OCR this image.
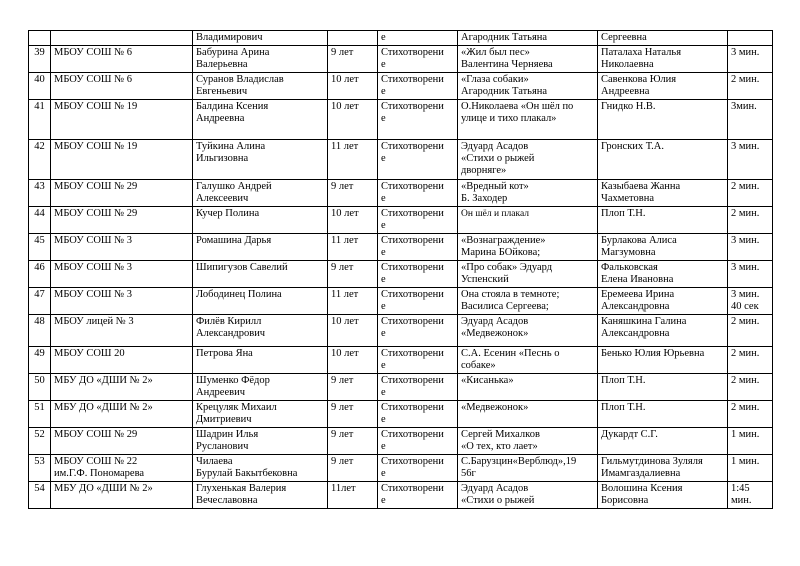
		Владимирович		е	Агародник Татьяна	Сергеевна	

39	МБОУ СОШ № 6	Бабурина Арина
Валерьевна	9 лет	Стихотворени
е	«Жил был пес»
Валентина Черняева	Паталаха Наталья
Николаевна	3 мин.

40	МБОУ СОШ № 6	Суранов Владислав
Евгеньевич	10 лет	Стихотворени
е	«Глаза собаки»
Агародник Татьяна	Савенкова Юлия
Андреевна	2 мин.

41	МБОУ СОШ № 19	Балдина Ксения
Андреевна	10 лет	Стихотворени
е	О.Николаева «Он шёл по
улице и тихо плакал»	Гнидко Н.В.	3мин.

42	МБОУ СОШ № 19	Туйкина Алина
Ильгизовна	11 лет	Стихотворени
е	Эдуард Асадов
«Стихи о рыжей
дворняге»	Гронских Т.А.	3 мин.

43	МБОУ СОШ № 29	Галушко Андрей
Алексеевич	9 лет	Стихотворени
е	«Вредный кот»
Б. Заходер	Казыбаева Жанна
Чахметовна	2 мин.

44	МБОУ СОШ № 29	Кучер Полина	10 лет	Стихотворени
е	Он шёл и плакал	Плоп Т.Н.	2 мин.

45	МБОУ СОШ № 3	Ромашина Дарья	11 лет	Стихотворени
е	«Вознаграждение»
Марина БОйкова;	Бурлакова Алиса
Магзумовна	3 мин.

46	МБОУ СОШ № 3	Шипигузов Савелий	9 лет	Стихотворени
е	«Про собак» Эдуард
Успенский	Фальковская
Елена Ивановна	3 мин.

47	МБОУ СОШ № 3	Лободинец Полина	11 лет	Стихотворени
е	Она стояла в темноте;
Василиса Сергеева;	Еремеева Ирина
Александровна	3 мин.
40 сек

48	МБОУ лицей № 3	Филёв Кирилл
Александрович	10 лет	Стихотворени
е	Эдуард Асадов
«Медвежонок»	Каняшкина Галина
Александровна	2 мин.

49	МБОУ СОШ 20	Петрова Яна	10 лет	Стихотворени
е	С.А. Есенин «Песнь о
собаке»	Бенько Юлия Юрьевна	2 мин.

50	МБУ ДО «ДШИ № 2»	Шуменко Фёдор
Андреевич	9 лет	Стихотворени
е	«Кисанька»	Плоп Т.Н.	2 мин.

51	МБУ ДО «ДШИ № 2»	Крецуляк Михаил
Дмитриевич	9 лет	Стихотворени
е	«Медвежонок»	Плоп Т.Н.	2 мин.

52	МБОУ СОШ № 29	Шадрин Илья
Русланович	9 лет	Стихотворени
е	Сергей Михалков
«О тех, кто лает»	Дукардт С.Г.	1 мин.

53	МБОУ СОШ № 22
им.Г.Ф. Пономарева	Чилаева
Бурулай Бакытбековна	9 лет	Стихотворени
е	С.Барузцин«Верблюд»,19
56г	Гильмутдинова Зуляля
Имамгаздалиевна	1 мин.

54	МБУ ДО «ДШИ № 2»	Глухенькая Валерия
Вечеславовна	11лет	Стихотворени
е	Эдуард Асадов
«Стихи о рыжей	Волошина Ксения
Борисовна	1:45
мин.
